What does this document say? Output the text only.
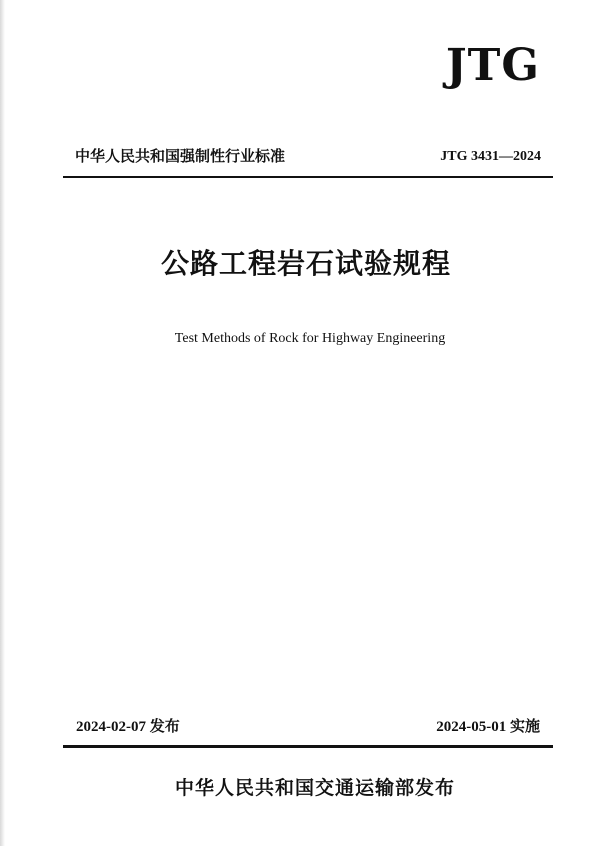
JTG
中华人民共和国强制性行业标准	JTG 3431—2024
公路工程岩石试验规程
Test Methods of Rock for Highway Engineering
2024-02-07 发布	2024-05-01 实施
中华人民共和国交通运输部发布
